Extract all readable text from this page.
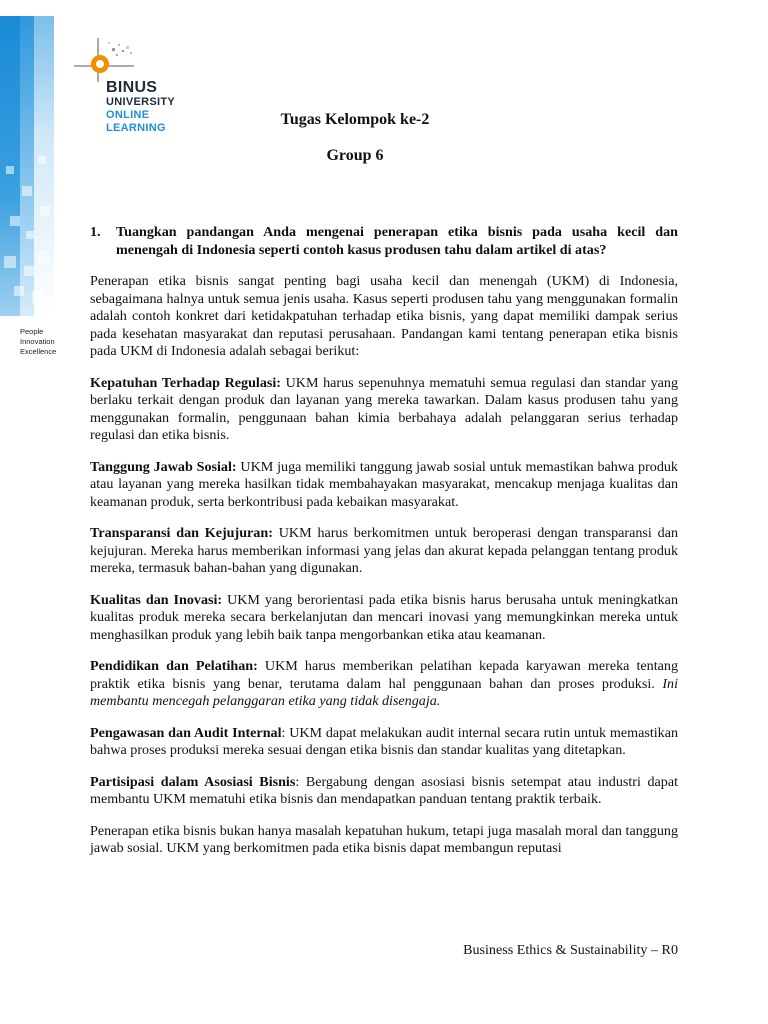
People
Innovation
Excellence
BINUS
UNIVERSITY
ONLINE
LEARNING	Tugas Kelompok ke-2
Group 6
1.	Tuangkan pandangan Anda mengenai penerapan etika bisnis pada usaha kecil dan menengah di Indonesia seperti contoh kasus produsen tahu dalam artikel di atas?

Penerapan etika bisnis sangat penting bagi usaha kecil dan menengah (UKM) di Indonesia, sebagaimana halnya untuk semua jenis usaha. Kasus seperti produsen tahu yang menggunakan formalin adalah contoh konkret dari ketidakpatuhan terhadap etika bisnis, yang dapat memiliki dampak serius pada kesehatan masyarakat dan reputasi perusahaan. Pandangan kami tentang penerapan etika bisnis pada UKM di Indonesia adalah sebagai berikut:

Kepatuhan Terhadap Regulasi: UKM harus sepenuhnya mematuhi semua regulasi dan standar yang berlaku terkait dengan produk dan layanan yang mereka tawarkan. Dalam kasus produsen tahu yang menggunakan formalin, penggunaan bahan kimia berbahaya adalah pelanggaran serius terhadap regulasi dan etika bisnis.

Tanggung Jawab Sosial: UKM juga memiliki tanggung jawab sosial untuk memastikan bahwa produk atau layanan yang mereka hasilkan tidak membahayakan masyarakat, mencakup menjaga kualitas dan keamanan produk, serta berkontribusi pada kebaikan masyarakat.

Transparansi dan Kejujuran: UKM harus berkomitmen untuk beroperasi dengan transparansi dan kejujuran. Mereka harus memberikan informasi yang jelas dan akurat kepada pelanggan tentang produk mereka, termasuk bahan-bahan yang digunakan.

Kualitas dan Inovasi: UKM yang berorientasi pada etika bisnis harus berusaha untuk meningkatkan kualitas produk mereka secara berkelanjutan dan mencari inovasi yang memungkinkan mereka untuk menghasilkan produk yang lebih baik tanpa mengorbankan etika atau keamanan.

Pendidikan dan Pelatihan: UKM harus memberikan pelatihan kepada karyawan mereka tentang praktik etika bisnis yang benar, terutama dalam hal penggunaan bahan dan proses produksi. Ini membantu mencegah pelanggaran etika yang tidak disengaja.

Pengawasan dan Audit Internal: UKM dapat melakukan audit internal secara rutin untuk memastikan bahwa proses produksi mereka sesuai dengan etika bisnis dan standar kualitas yang ditetapkan.

Partisipasi dalam Asosiasi Bisnis: Bergabung dengan asosiasi bisnis setempat atau industri dapat membantu UKM mematuhi etika bisnis dan mendapatkan panduan tentang praktik terbaik.

Penerapan etika bisnis bukan hanya masalah kepatuhan hukum, tetapi juga masalah moral dan tanggung jawab sosial. UKM yang berkomitmen pada etika bisnis dapat membangun reputasi

Business Ethics & Sustainability – R0
